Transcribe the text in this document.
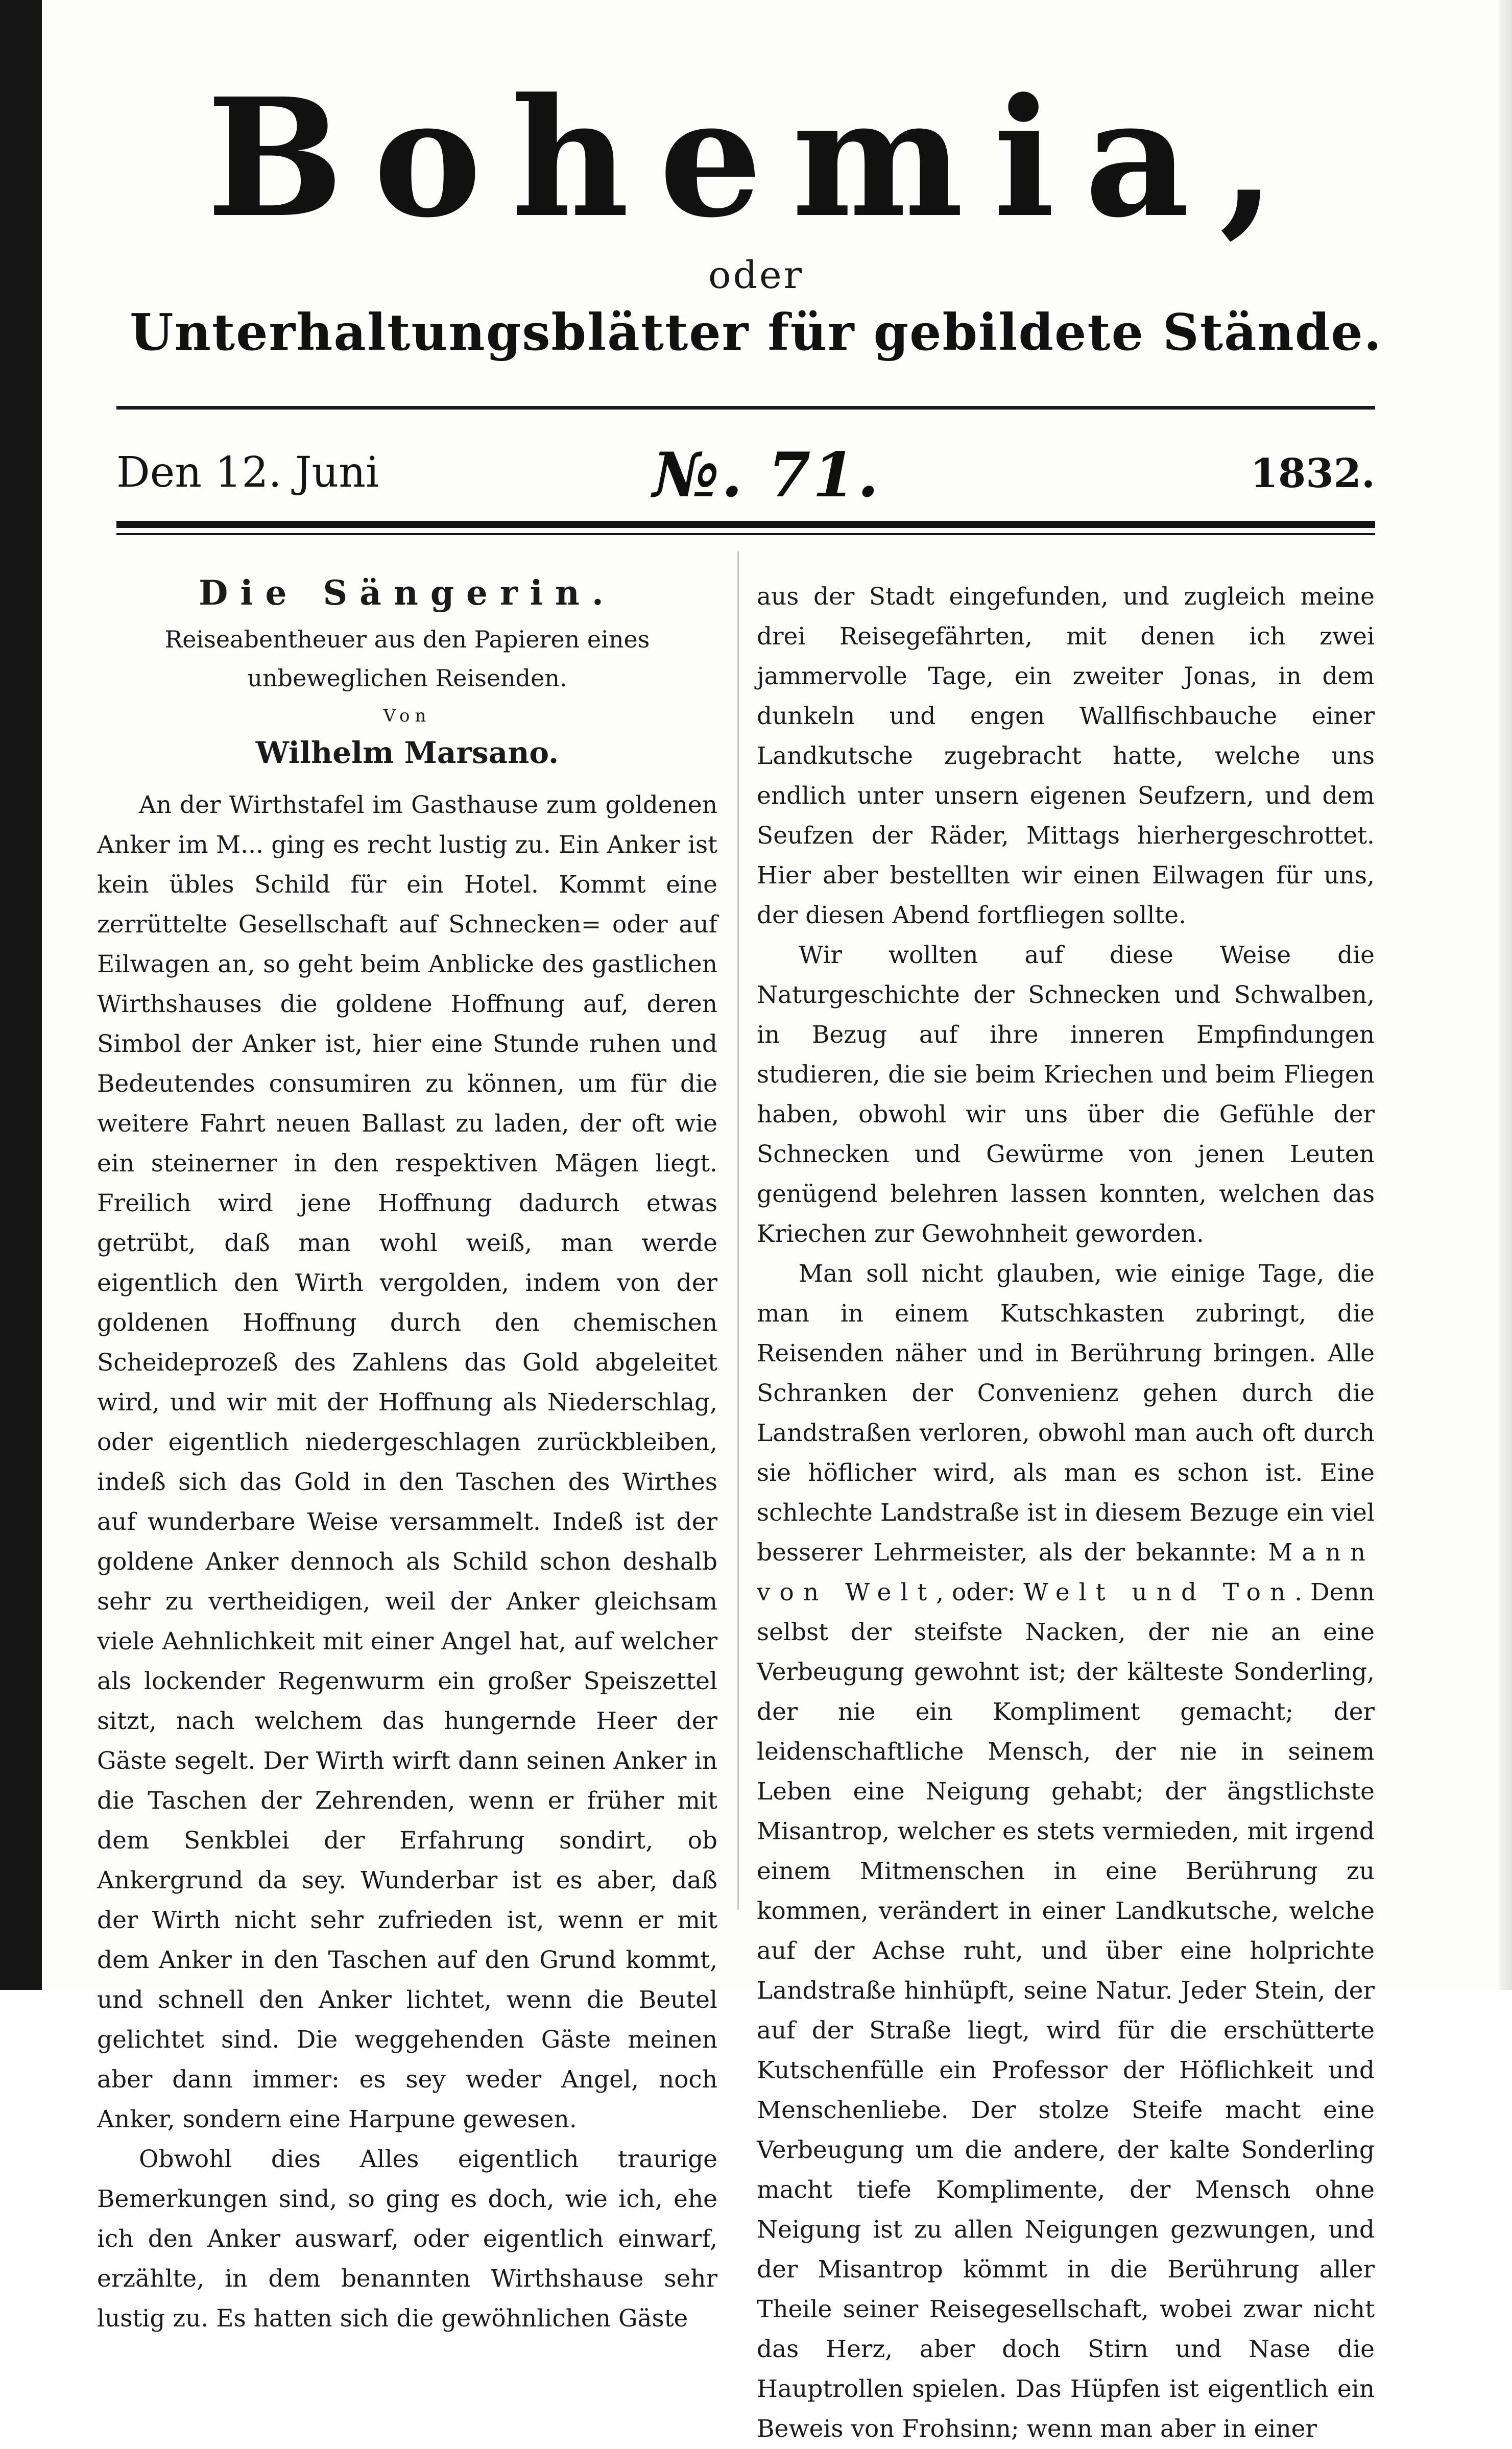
Bohemia,
oder
Unterhaltungsblätter für gebildete Stände.
Den 12. Juni	№. 71.	1832.
Die Sängerin.
Reiseabentheuer aus den Papieren eines unbeweglichen Reisenden.
Von
Wilhelm Marsano.

An der Wirthstafel im Gasthause zum goldenen Anker im M... ging es recht lustig zu. Ein Anker ist kein übles Schild für ein Hotel. Kommt eine zerrüttelte Gesellschaft auf Schnecken= oder auf Eilwagen an, so geht beim Anblicke des gastlichen Wirthshauses die goldene Hoffnung auf, deren Simbol der Anker ist, hier eine Stunde ruhen und Bedeutendes consumiren zu können, um für die weitere Fahrt neuen Ballast zu laden, der oft wie ein steinerner in den respektiven Mägen liegt. Freilich wird jene Hoffnung dadurch etwas getrübt, daß man wohl weiß, man werde eigentlich den Wirth vergolden, indem von der goldenen Hoffnung durch den chemischen Scheideprozeß des Zahlens das Gold abgeleitet wird, und wir mit der Hoffnung als Niederschlag, oder eigentlich niedergeschlagen zurückbleiben, indeß sich das Gold in den Taschen des Wirthes auf wunderbare Weise versammelt. Indeß ist der goldene Anker dennoch als Schild schon deshalb sehr zu vertheidigen, weil der Anker gleichsam viele Aehnlichkeit mit einer Angel hat, auf welcher als lockender Regenwurm ein großer Speiszettel sitzt, nach welchem das hungernde Heer der Gäste segelt. Der Wirth wirft dann seinen Anker in die Taschen der Zehrenden, wenn er früher mit dem Senkblei der Erfahrung sondirt, ob Ankergrund da sey. Wunderbar ist es aber, daß der Wirth nicht sehr zufrieden ist, wenn er mit dem Anker in den Taschen auf den Grund kommt, und schnell den Anker lichtet, wenn die Beutel gelichtet sind. Die weggehenden Gäste meinen aber dann immer: es sey weder Angel, noch Anker, sondern eine Harpune gewesen.

Obwohl dies Alles eigentlich traurige Bemerkungen sind, so ging es doch, wie ich, ehe ich den Anker auswarf, oder eigentlich einwarf, erzählte, in dem benannten Wirthshause sehr lustig zu. Es hatten sich die gewöhnlichen Gäste

aus der Stadt eingefunden, und zugleich meine drei Reisegefährten, mit denen ich zwei jammervolle Tage, ein zweiter Jonas, in dem dunkeln und engen Wallfischbauche einer Landkutsche zugebracht hatte, welche uns endlich unter unsern eigenen Seufzern, und dem Seufzen der Räder, Mittags hierhergeschrottet. Hier aber bestellten wir einen Eilwagen für uns, der diesen Abend fortfliegen sollte.

Wir wollten auf diese Weise die Naturgeschichte der Schnecken und Schwalben, in Bezug auf ihre inneren Empfindungen studieren, die sie beim Kriechen und beim Fliegen haben, obwohl wir uns über die Gefühle der Schnecken und Gewürme von jenen Leuten genügend belehren lassen konnten, welchen das Kriechen zur Gewohnheit geworden.

Man soll nicht glauben, wie einige Tage, die man in einem Kutschkasten zubringt, die Reisenden näher und in Berührung bringen. Alle Schranken der Convenienz gehen durch die Landstraßen verloren, obwohl man auch oft durch sie höflicher wird, als man es schon ist. Eine schlechte Landstraße ist in diesem Bezuge ein viel besserer Lehrmeister, als der bekannte: Mann von Welt, oder: Welt und Ton. Denn selbst der steifste Nacken, der nie an eine Verbeugung gewohnt ist; der kälteste Sonderling, der nie ein Kompliment gemacht; der leidenschaftliche Mensch, der nie in seinem Leben eine Neigung gehabt; der ängstlichste Misantrop, welcher es stets vermieden, mit irgend einem Mitmenschen in eine Berührung zu kommen, verändert in einer Landkutsche, welche auf der Achse ruht, und über eine holprichte Landstraße hinhüpft, seine Natur. Jeder Stein, der auf der Straße liegt, wird für die erschütterte Kutschenfülle ein Professor der Höflichkeit und Menschenliebe. Der stolze Steife macht eine Verbeugung um die andere, der kalte Sonderling macht tiefe Komplimente, der Mensch ohne Neigung ist zu allen Neigungen gezwungen, und der Misantrop kömmt in die Berührung aller Theile seiner Reisegesellschaft, wobei zwar nicht das Herz, aber doch Stirn und Nase die Hauptrollen spielen. Das Hüpfen ist eigentlich ein Beweis von Frohsinn; wenn man aber in einer
